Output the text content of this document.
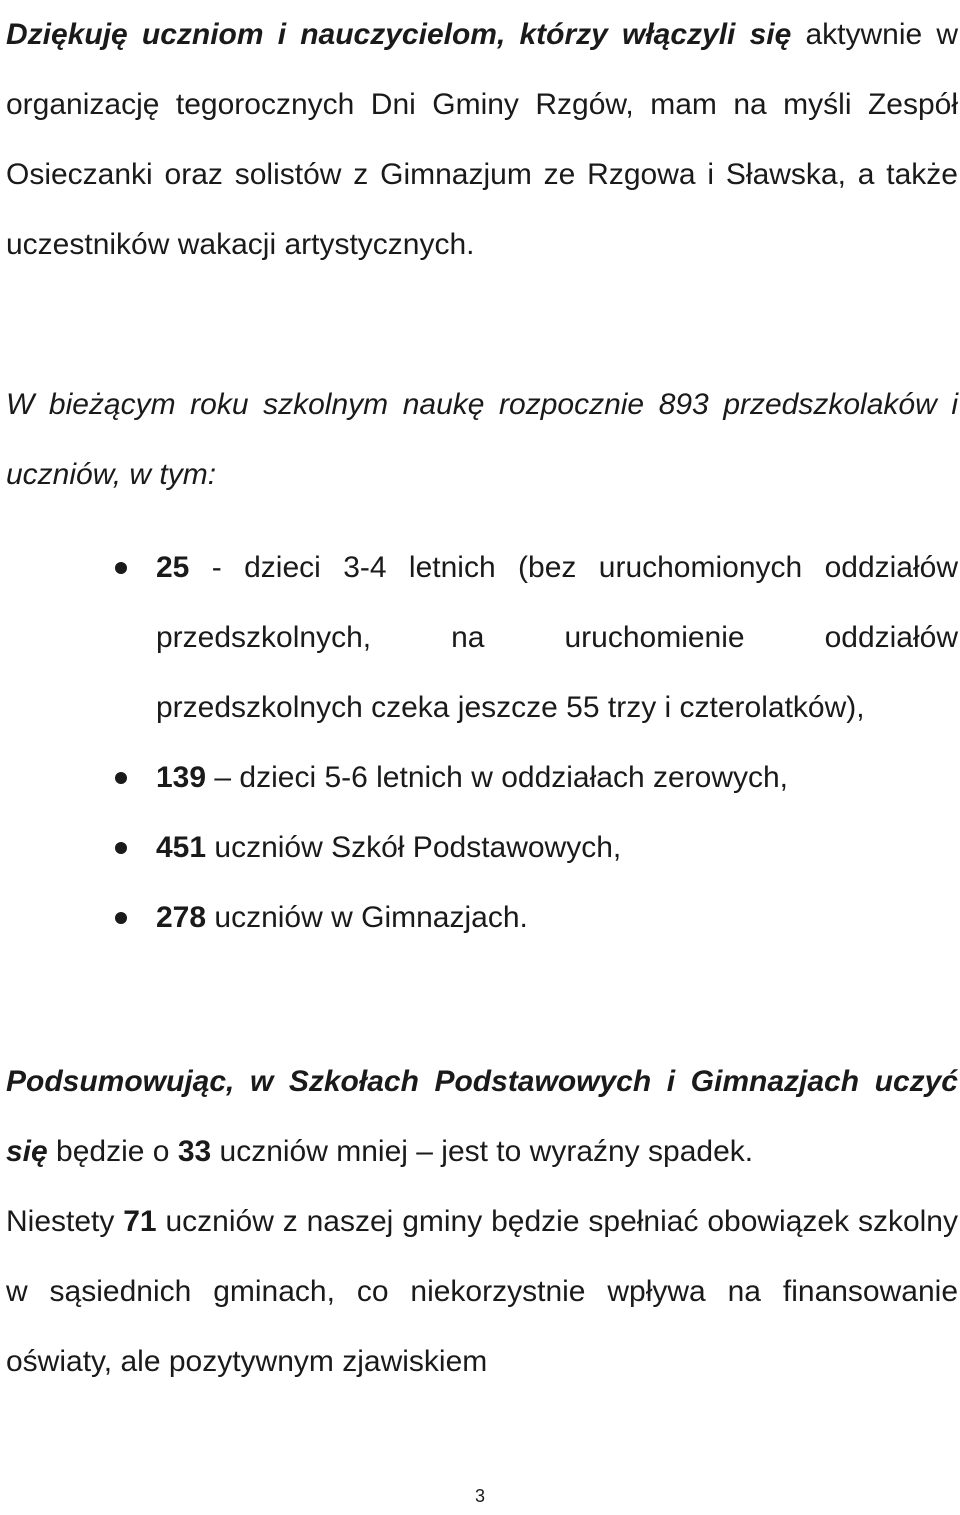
Dziękuję uczniom i nauczycielom, którzy włączyli się aktywnie w organizację tegorocznych Dni Gminy Rzgów, mam na myśli Zespół Osieczanki oraz solistów z Gimnazjum ze Rzgowa i Sławska, a także uczestników wakacji artystycznych.

W bieżącym roku szkolnym naukę rozpocznie 893 przedszkolaków i uczniów, w tym:

25 - dzieci 3-4 letnich (bez uruchomionych oddziałów przedszkolnych, na uruchomienie oddziałów przedszkolnych czeka jeszcze 55 trzy i czterolatków),
139 – dzieci 5-6 letnich w oddziałach zerowych,
451 uczniów Szkół Podstawowych,
278 uczniów w Gimnazjach.

Podsumowując, w Szkołach Podstawowych i Gimnazjach uczyć się będzie o 33 uczniów mniej – jest to wyraźny spadek.

Niestety 71 uczniów z naszej gminy będzie spełniać obowiązek szkolny w sąsiednich gminach, co niekorzystnie wpływa na finansowanie oświaty, ale pozytywnym zjawiskiem

3
